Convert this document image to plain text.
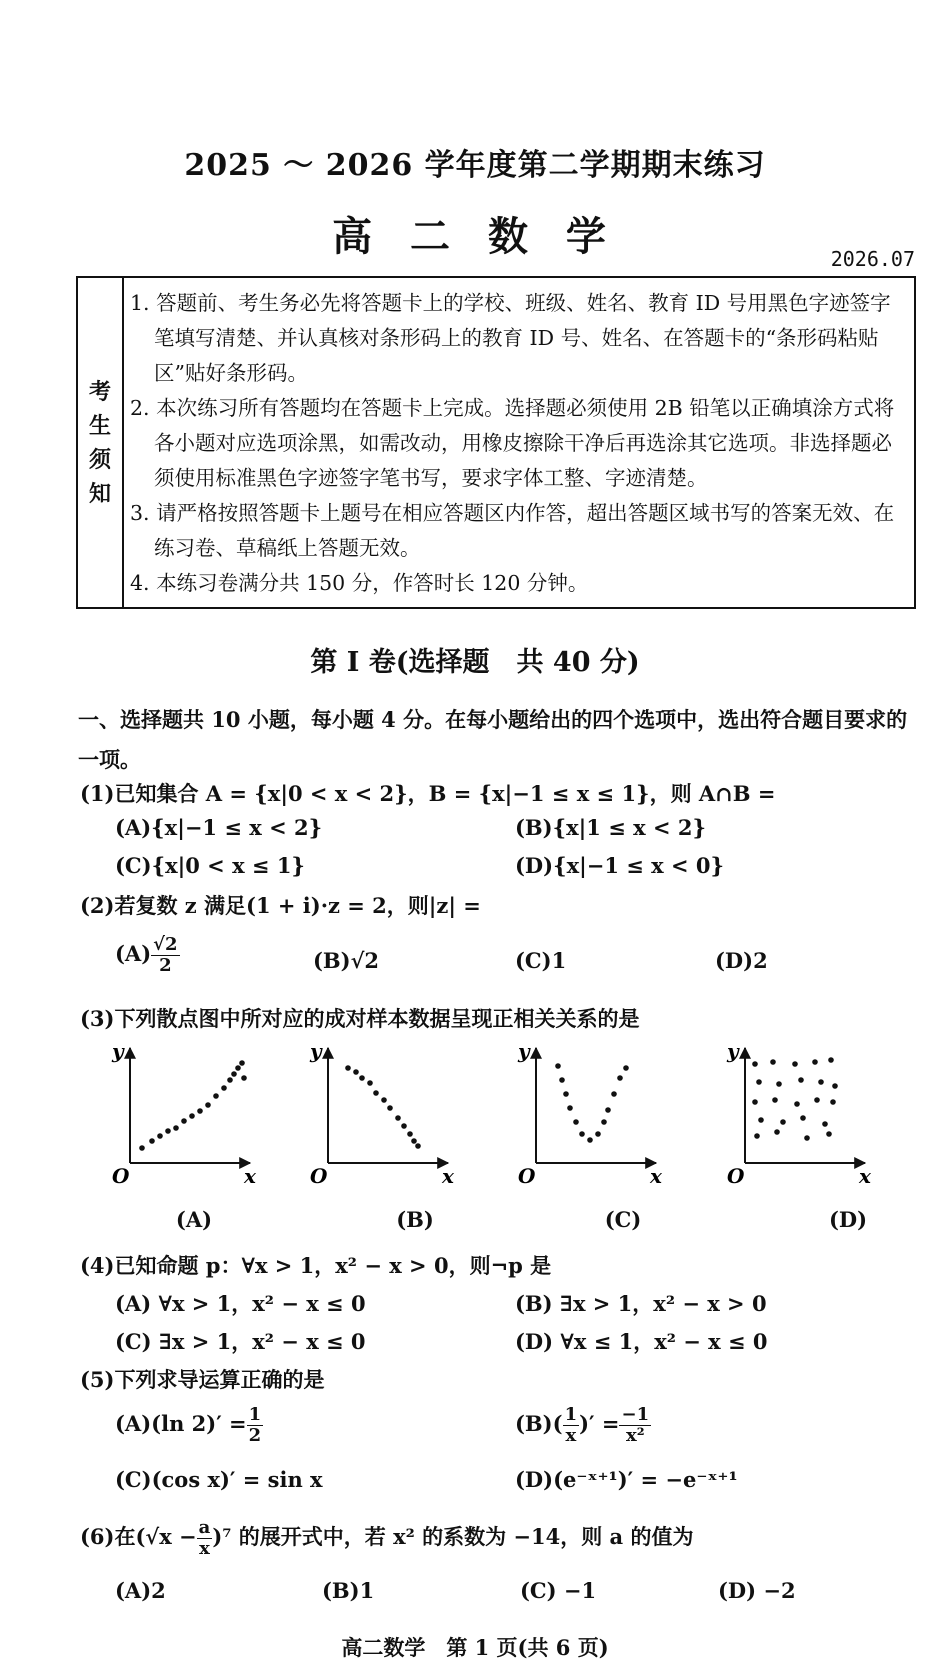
2025 ～ 2026 学年度第二学期期末练习
高 二 数 学	2026.07
考
生
须
知
1. 答题前、考生务必先将答题卡上的学校、班级、姓名、教育 ID 号用黑色字迹签字笔填写清楚、并认真核对条形码上的教育 ID 号、姓名、在答题卡的“条形码粘贴区”贴好条形码。
2. 本次练习所有答题均在答题卡上完成。选择题必须使用 2B 铅笔以正确填涂方式将各小题对应选项涂黑，如需改动，用橡皮擦除干净后再选涂其它选项。非选择题必须使用标准黑色字迹签字笔书写，要求字体工整、字迹清楚。
3. 请严格按照答题卡上题号在相应答题区内作答，超出答题区域书写的答案无效、在练习卷、草稿纸上答题无效。
4. 本练习卷满分共 150 分，作答时长 120 分钟。
第 Ⅰ 卷(选择题　共 40 分)
一、选择题共 10 小题，每小题 4 分。在每小题给出的四个选项中，选出符合题目要求的一项。
(1)已知集合 A = {x|0 < x < 2}，B = {x|−1 ≤ x ≤ 1}，则 A∩B =
(A){x|−1 ≤ x < 2}	(B){x|1 ≤ x < 2}
(C){x|0 < x ≤ 1}	(D){x|−1 ≤ x < 0}
(2)若复数 z 满足(1 + i)·z = 2，则|z| =
$(A) \frac{√2}{2}$	(B)√2	(C)1	(D)2
(3)下列散点图中所对应的成对样本数据呈现正相关关系的是
y
x
O
y
x
O
y
x
O
y
x
O
(A)	(B)	(C)	(D)
(4)已知命题 p：∀x > 1，x² − x > 0，则¬p 是
(A) ∀x > 1，x² − x ≤ 0	(B) ∃x > 1，x² − x > 0
(C) ∃x > 1，x² − x ≤ 0	(D) ∀x ≤ 1，x² − x ≤ 0
(5)下列求导运算正确的是
(A)(ln $2)' = \frac{1}{2}$	$(B)( \frac{1}{x}$ )′ = $\frac{-1}{\text{x²}}$
(C)(cos x)′ = sin x	(D)(e⁻ˣ⁺¹)′ = −e⁻ˣ⁺¹
(6)在$(√x - \frac{a}{x} )^7$ 的展开式中，若 x² 的系数为 −14，则 a 的值为
(A)2	(B)1	(C) −1	(D) −2
高二数学　第 1 页(共 6 页)
